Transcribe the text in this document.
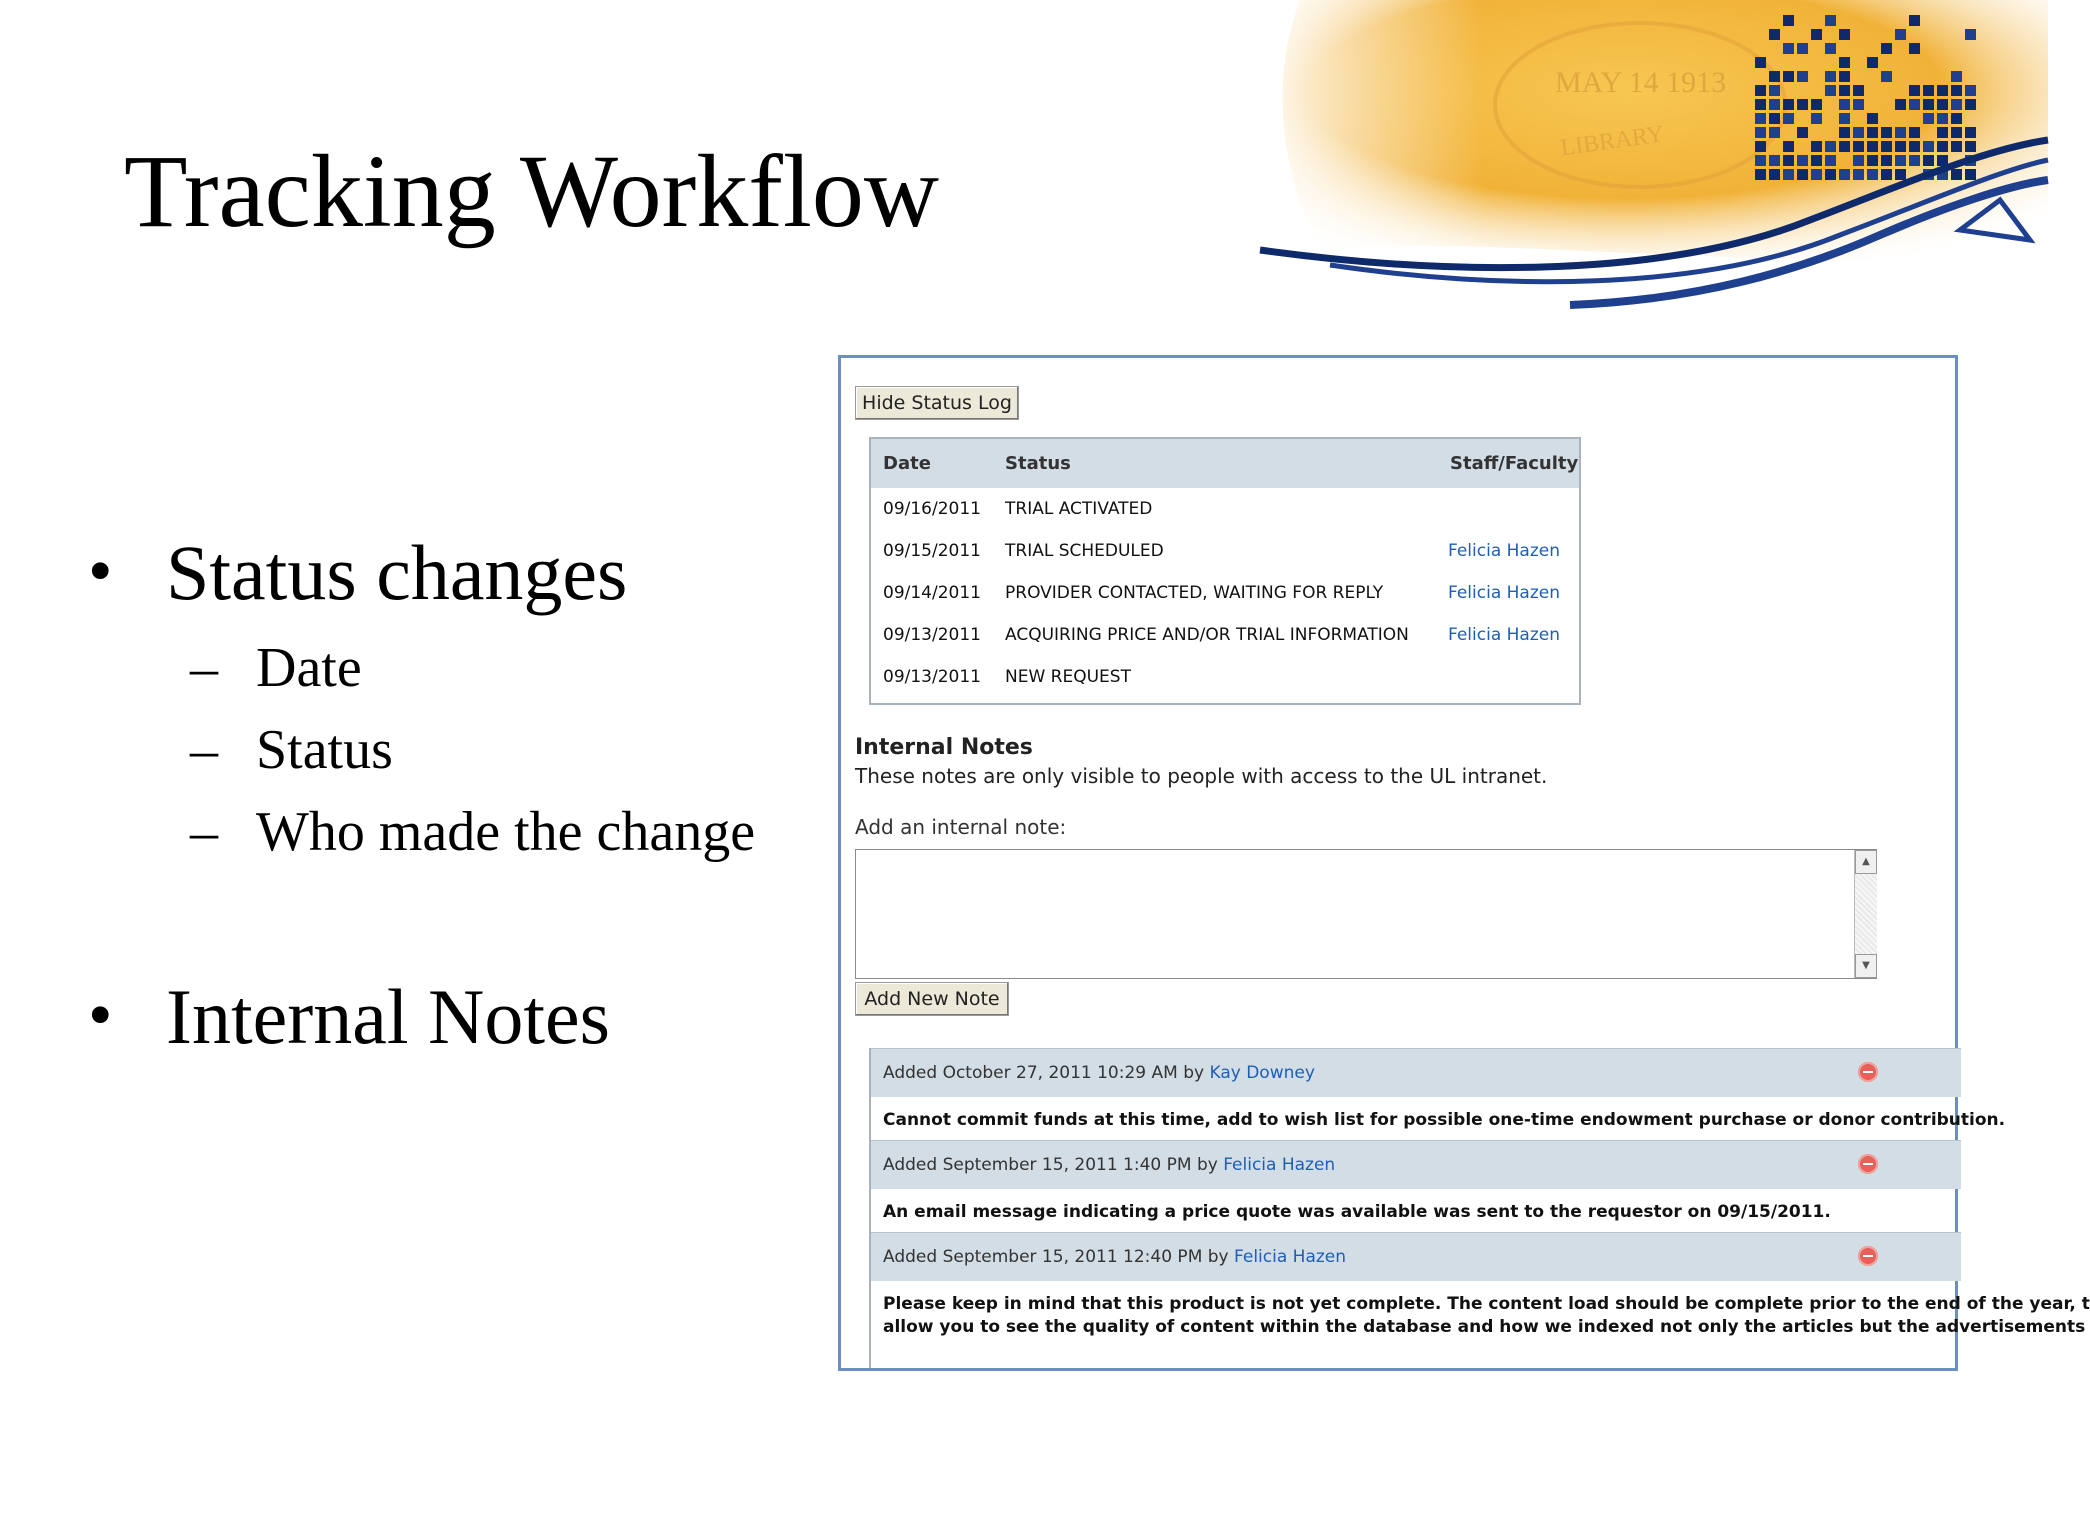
MAY 14 1913
LIBRARY
Tracking Workflow
• Status changes
– Date
– Status
– Who made the change
• Internal Notes
Hide Status Log
Date	Status	Staff/Faculty
09/16/2011 TRIAL ACTIVATED
09/15/2011 TRIAL SCHEDULED	Felicia Hazen
09/14/2011 PROVIDER CONTACTED, WAITING FOR REPLY	Felicia Hazen
09/13/2011 ACQUIRING PRICE AND/OR TRIAL INFORMATION Felicia Hazen
09/13/2011 NEW REQUEST
Internal Notes
These notes are only visible to people with access to the UL intranet.
Add an internal note:
▲
▼
Add New Note
Added October 27, 2011 10:29 AM by Kay Downey
Cannot commit funds at this time, add to wish list for possible one-time endowment purchase or donor contribution.
Added September 15, 2011 1:40 PM by Felicia Hazen
An email message indicating a price quote was available was sent to the requestor on 09/15/2011.
Added September 15, 2011 12:40 PM by Felicia Hazen
Please keep in mind that this product is not yet complete. The content load should be complete prior to the end of the year, t
allow you to see the quality of content within the database and how we indexed not only the articles but the advertisements
